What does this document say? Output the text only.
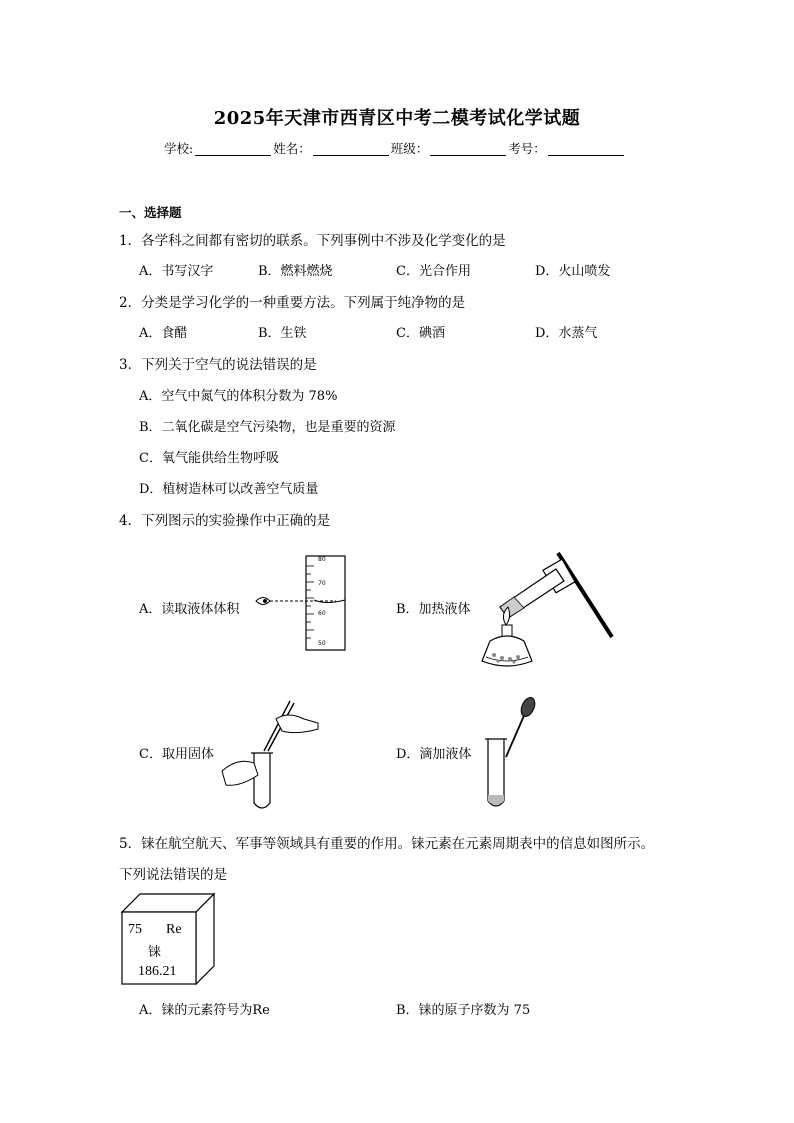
2025年天津市西青区中考二模考试化学试题
学校:	姓名：	班级：	考号：
一、选择题
1．各学科之间都有密切的联系。下列事例中不涉及化学变化的是
A．书写汉字	B．燃料燃烧	C．光合作用	D．火山喷发
2．分类是学习化学的一种重要方法。下列属于纯净物的是
A．食醋	B．生铁	C．碘酒	D．水蒸气
3．下列关于空气的说法错误的是
A．空气中氮气的体积分数为 78%
B．二氧化碳是空气污染物，也是重要的资源
C．氧气能供给生物呼吸
D．植树造林可以改善空气质量
4．下列图示的实验操作中正确的是
A．读取液体体积	B．加热液体
C．取用固体	D．滴加液体
80
70
60
50
5．铼在航空航天、军事等领域具有重要的作用。铼元素在元素周期表中的信息如图所示。
下列说法错误的是
75 Re
铼
186.21
A．铼的元素符号为Re	B．铼的原子序数为 75
